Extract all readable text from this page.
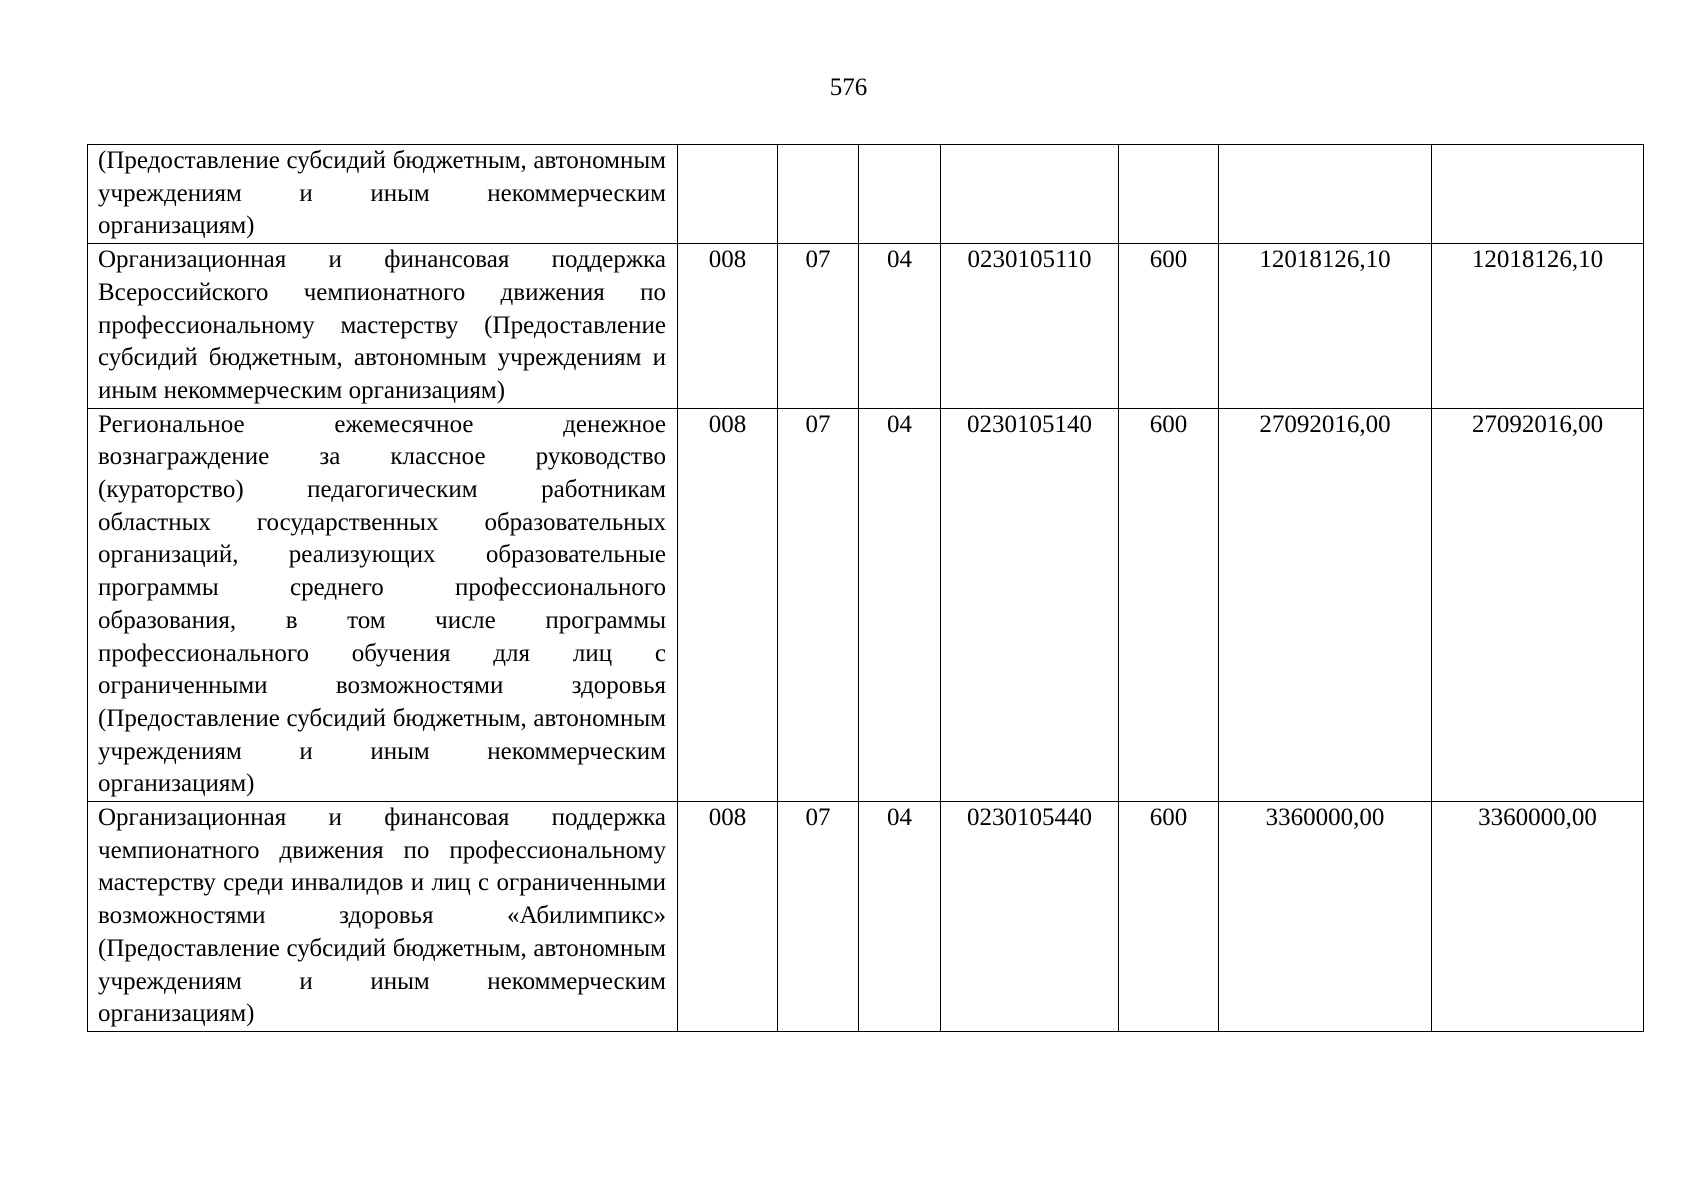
576
(Предоставление субсидий бюджетным, автономным учреждениям и иным некоммерческим организациям)							
Организационная и финансовая поддержка Всероссийского чемпионатного движения по профессиональному мастерству (Предоставление субсидий бюджетным, автономным учреждениям и иным некоммерческим организациям)	008	07	04	0230105110	600	12018126,10	12018126,10
Региональное ежемесячное денежное вознаграждение за классное руководство (кураторство) педагогическим работникам областных государственных образовательных организаций, реализующих образовательные программы среднего профессионального образования, в том числе программы профессионального обучения для лиц с ограниченными возможностями здоровья (Предоставление субсидий бюджетным, автономным учреждениям и иным некоммерческим организациям)	008	07	04	0230105140	600	27092016,00	27092016,00
Организационная и финансовая поддержка чемпионатного движения по профессиональному мастерству среди инвалидов и лиц с ограниченными возможностями здоровья «Абилимпикс» (Предоставление субсидий бюджетным, автономным учреждениям и иным некоммерческим организациям)	008	07	04	0230105440	600	3360000,00	3360000,00
